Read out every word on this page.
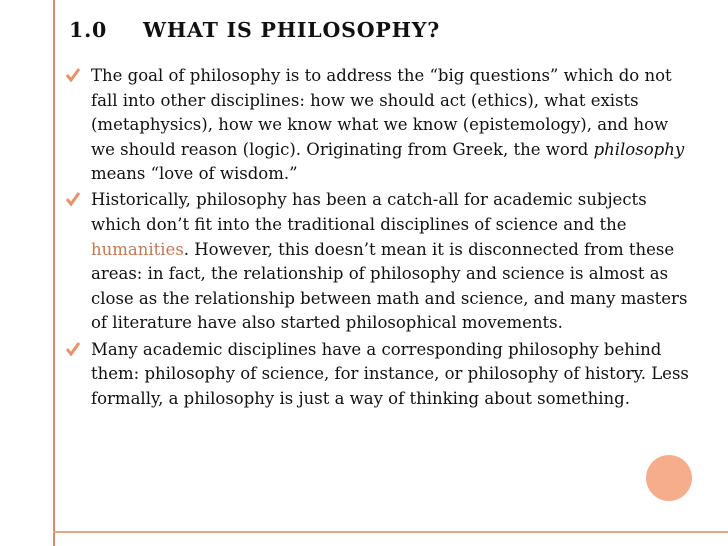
1.0 WHAT IS PHILOSOPHY?
The goal of philosophy is to address the “big questions” which do not fall into other disciplines: how we should act (ethics), what exists (metaphysics), how we know what we know (epistemology), and how we should reason (logic). Originating from Greek, the word philosophy means “love of wisdom.”
Historically, philosophy has been a catch-all for academic subjects which don’t fit into the traditional disciplines of science and the humanities. However, this doesn’t mean it is disconnected from these areas: in fact, the relationship of philosophy and science is almost as close as the relationship between math and science, and many masters of literature have also started philosophical movements.
Many academic disciplines have a corresponding philosophy behind them: philosophy of science, for instance, or philosophy of history. Less formally, a philosophy is just a way of thinking about something.
